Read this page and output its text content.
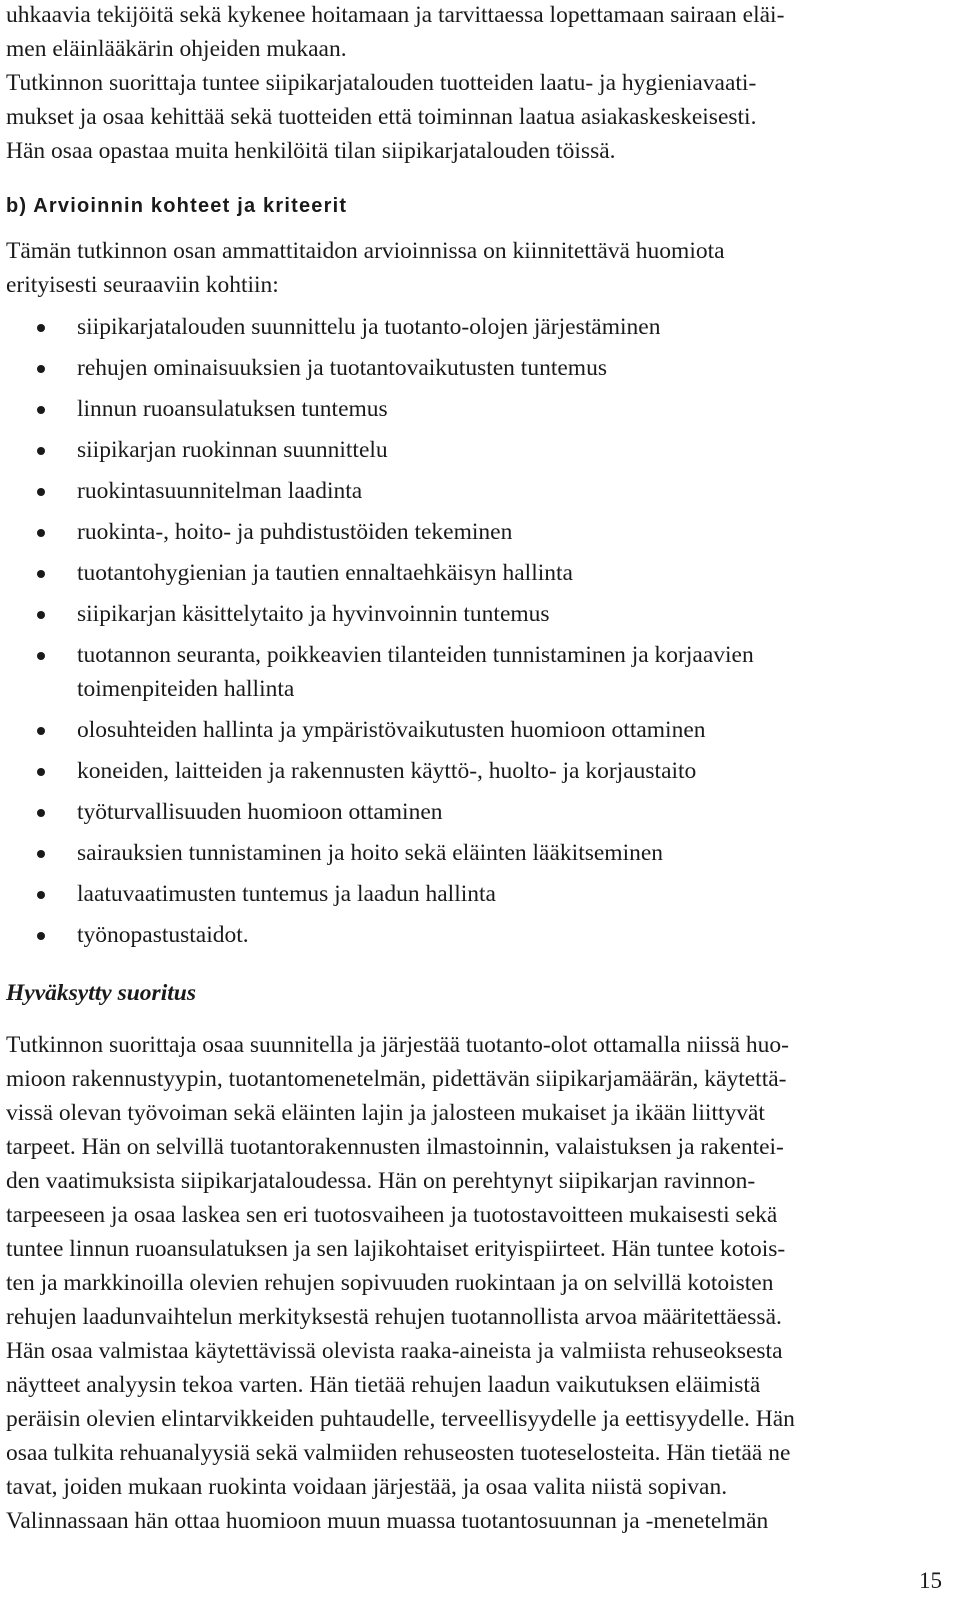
uhkaavia tekijöitä sekä kykenee hoitamaan ja tarvittaessa lopettamaan sairaan eläi-
men eläinlääkärin ohjeiden mukaan.
Tutkinnon suorittaja tuntee siipikarjatalouden tuotteiden laatu- ja hygieniavaati-
mukset ja osaa kehittää sekä tuotteiden että toiminnan laatua asiakaskeskeisesti.
Hän osaa opastaa muita henkilöitä tilan siipikarjatalouden töissä.

b) Arvioinnin kohteet ja kriteerit

Tämän tutkinnon osan ammattitaidon arvioinnissa on kiinnitettävä huomiota
erityisesti seuraaviin kohtiin:

siipikarjatalouden suunnittelu ja tuotanto-olojen järjestäminen
rehujen ominaisuuksien ja tuotantovaikutusten tuntemus
linnun ruoansulatuksen tuntemus
siipikarjan ruokinnan suunnittelu
ruokintasuunnitelman laadinta
ruokinta-, hoito- ja puhdistustöiden tekeminen
tuotantohygienian ja tautien ennaltaehkäisyn hallinta
siipikarjan käsittelytaito ja hyvinvoinnin tuntemus
tuotannon seuranta, poikkeavien tilanteiden tunnistaminen ja korjaavien
toimenpiteiden hallinta
olosuhteiden hallinta ja ympäristövaikutusten huomioon ottaminen
koneiden, laitteiden ja rakennusten käyttö-, huolto- ja korjaustaito
työturvallisuuden huomioon ottaminen
sairauksien tunnistaminen ja hoito sekä eläinten lääkitseminen
laatuvaatimusten tuntemus ja laadun hallinta
työnopastustaidot.
Hyväksytty suoritus

Tutkinnon suorittaja osaa suunnitella ja järjestää tuotanto-olot ottamalla niissä huo-
mioon rakennustyypin, tuotantomenetelmän, pidettävän siipikarjamäärän, käytettä-
vissä olevan työvoiman sekä eläinten lajin ja jalosteen mukaiset ja ikään liittyvät
tarpeet. Hän on selvillä tuotantorakennusten ilmastoinnin, valaistuksen ja rakentei-
den vaatimuksista siipikarjataloudessa. Hän on perehtynyt siipikarjan ravinnon-
tarpeeseen ja osaa laskea sen eri tuotosvaiheen ja tuotostavoitteen mukaisesti sekä
tuntee linnun ruoansulatuksen ja sen lajikohtaiset erityispiirteet. Hän tuntee kotois-
ten ja markkinoilla olevien rehujen sopivuuden ruokintaan ja on selvillä kotoisten
rehujen laadunvaihtelun merkityksestä rehujen tuotannollista arvoa määritettäessä.
Hän osaa valmistaa käytettävissä olevista raaka-aineista ja valmiista rehuseoksesta
näytteet analyysin tekoa varten. Hän tietää rehujen laadun vaikutuksen eläimistä
peräisin olevien elintarvikkeiden puhtaudelle, terveellisyydelle ja eettisyydelle. Hän
osaa tulkita rehuanalyysiä sekä valmiiden rehuseosten tuoteselosteita. Hän tietää ne
tavat, joiden mukaan ruokinta voidaan järjestää, ja osaa valita niistä sopivan.
Valinnassaan hän ottaa huomioon muun muassa tuotantosuunnan ja -menetelmän

15
